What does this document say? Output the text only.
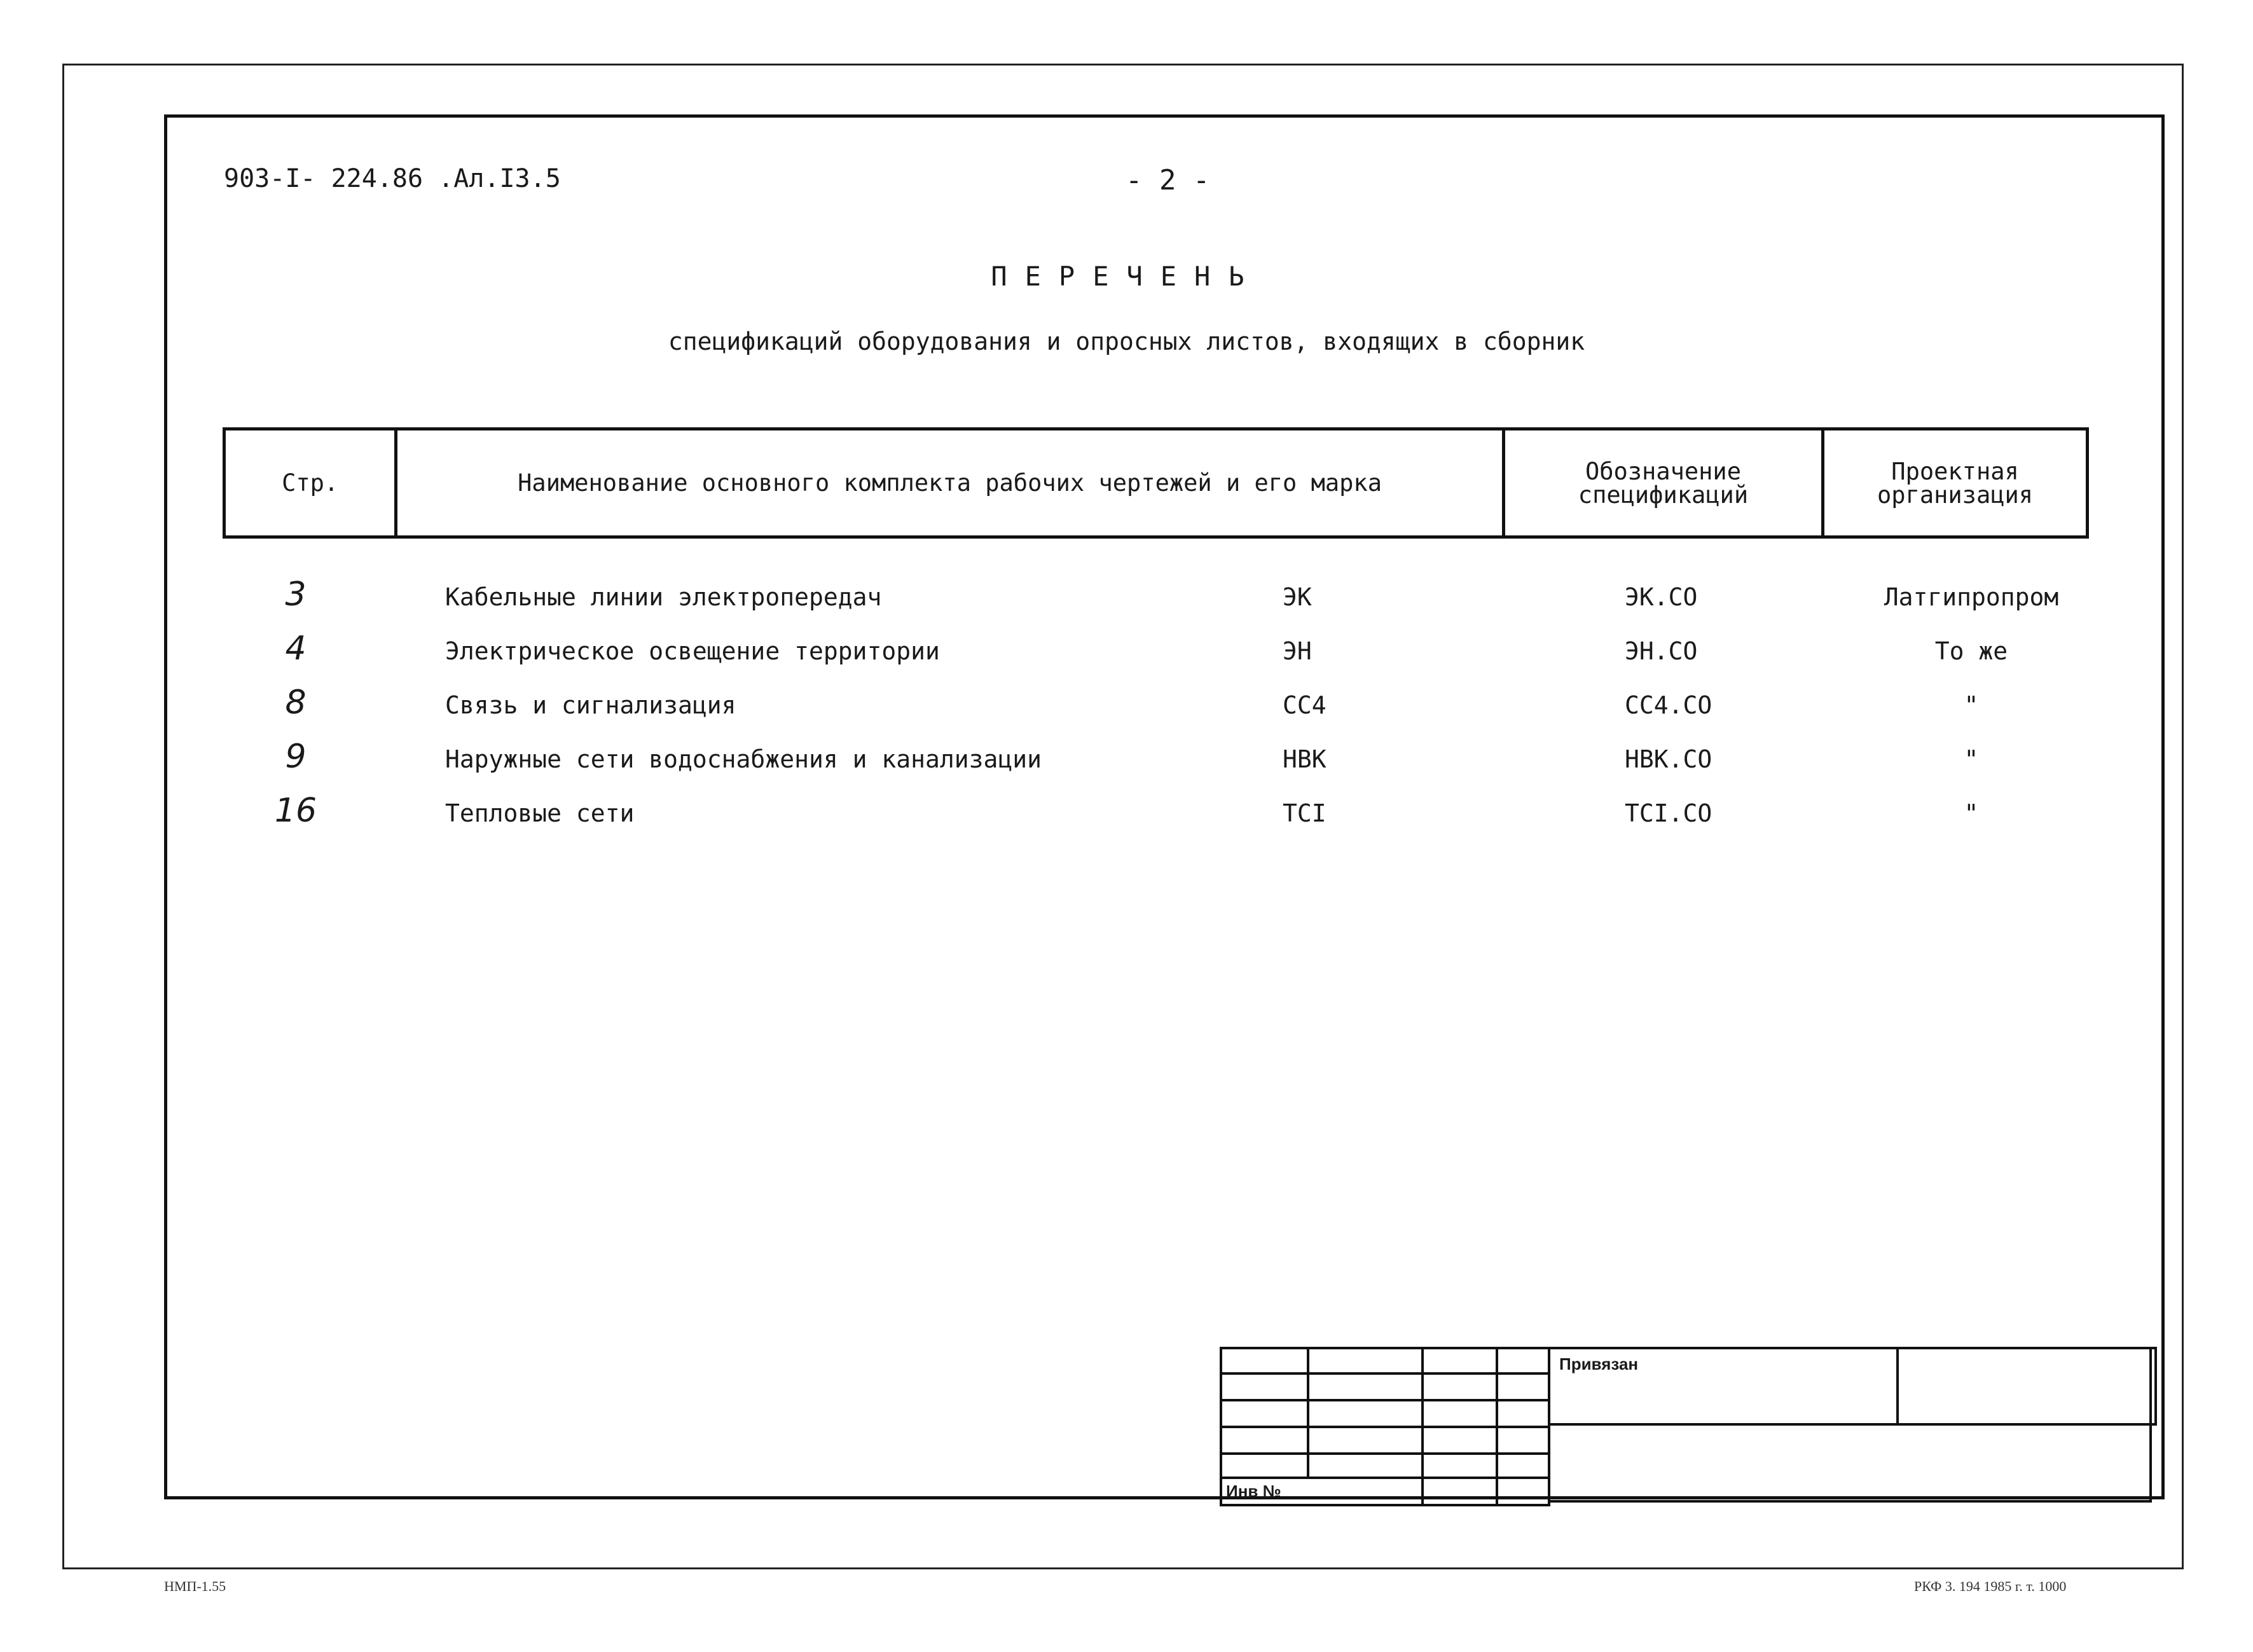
903-I- 224.86 .Ал.I3.5	- 2 -
ПЕРЕЧЕНЬ
спецификаций оборудования и опросных листов, входящих в сборник
Стр.	Наименование основного комплекта рабочих чертежей и его марка	Обозначение спецификаций	Проектная организация
3	Кабельные линии электропередач	ЭК	ЭК.СО	Латгипропром
4	Электрическое освещение территории	ЭН	ЭН.СО	То же
8	Связь и сигнализация	СС4	СС4.СО	"
9	Наружные сети водоснабжения и канализации	НВК	НВК.СО	"
16	Тепловые сети	ТСI	ТСI.СО	"

Инв №			
Привязан
НМП-1.55	РКФ 3. 194 1985 г. т. 1000
